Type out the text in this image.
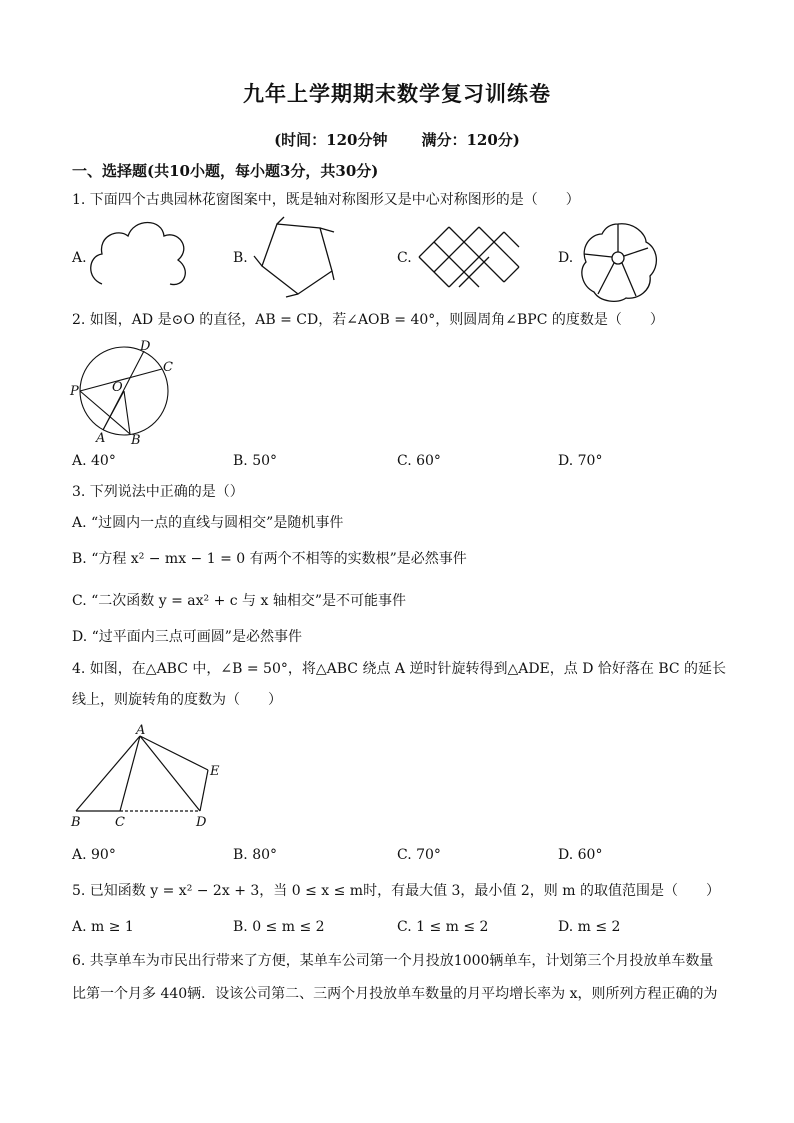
九年上学期期末数学复习训练卷
(时间：120分钟 满分：120分)
一、选择题(共10小题，每小题3分，共30分)
1. 下面四个古典园林花窗图案中，既是轴对称图形又是中心对称图形的是（　　）
A.	B.	C.	D.
2. 如图，AD 是⊙O 的直径，AB = CD，若∠AOB = 40°，则圆周角∠BPC 的度数是（　　）
D
C
P	O
A B
A. 40°	B. 50°	C. 60°	D. 70°
3. 下列说法中正确的是（）
A. “过圆内一点的直线与圆相交”是随机事件
B. “方程 x² − mx − 1 = 0 有两个不相等的实数根”是必然事件
C. “二次函数 y = ax² + c 与 x 轴相交”是不可能事件
D. “过平面内三点可画圆”是必然事件
4. 如图，在△ABC 中，∠B = 50°，将△ABC 绕点 A 逆时针旋转得到△ADE，点 D 恰好落在 BC 的延长
线上，则旋转角的度数为（　　）
A
E
B	C	D
A. 90°	B. 80°	C. 70°	D. 60°
5. 已知函数 y = x² − 2x + 3，当 0 ≤ x ≤ m时，有最大值 3，最小值 2，则 m 的取值范围是（　　）
A. m ≥ 1	B. 0 ≤ m ≤ 2	C. 1 ≤ m ≤ 2	D. m ≤ 2
6. 共享单车为市民出行带来了方便，某单车公司第一个月投放1000辆单车，计划第三个月投放单车数量
比第一个月多 440辆．设该公司第二、三两个月投放单车数量的月平均增长率为 x，则所列方程正确的为
